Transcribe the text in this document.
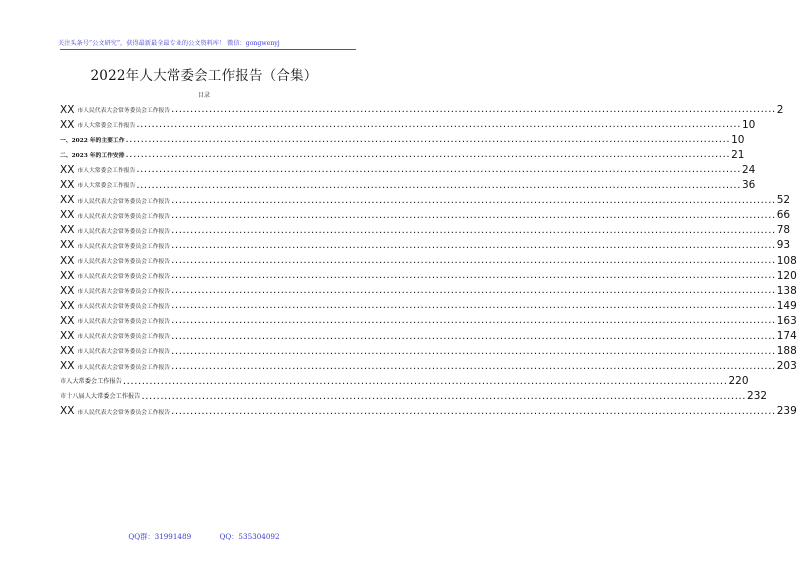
关注头条号“公文研究”，获得最新最全最专业的公文资料库！ 微信：gongwenyj
2022年人大常委会工作报告（合集）
目录
XX 市人民代表大会常务委员会工作报告 ................................................................................................................................................................ 2
XX 市人大常委会工作报告 ................................................................................................................................................................ 10
一、2022 年的主要工作 ................................................................................................................................................................ 10
二、2023 年的工作安排 ................................................................................................................................................................ 21
XX 市人大常委会工作报告 ................................................................................................................................................................ 24
XX 市人大常委会工作报告 ................................................................................................................................................................ 36
XX 市人民代表大会常务委员会工作报告 ................................................................................................................................................................ 52
XX 市人民代表大会常务委员会工作报告 ................................................................................................................................................................ 66
XX 市人民代表大会常务委员会工作报告 ................................................................................................................................................................ 78
XX 市人民代表大会常务委员会工作报告 ................................................................................................................................................................ 93
XX 市人民代表大会常务委员会工作报告 ................................................................................................................................................................ 108
XX 市人民代表大会常务委员会工作报告 ................................................................................................................................................................ 120
XX 市人民代表大会常务委员会工作报告 ................................................................................................................................................................ 138
XX 市人民代表大会常务委员会工作报告 ................................................................................................................................................................ 149
XX 市人民代表大会常务委员会工作报告 ................................................................................................................................................................ 163
XX 市人民代表大会常务委员会工作报告 ................................................................................................................................................................ 174
XX 市人民代表大会常务委员会工作报告 ................................................................................................................................................................ 188
XX 市人民代表大会常务委员会工作报告 ................................................................................................................................................................ 203
市人大常委会工作报告 ................................................................................................................................................................ 220
市十八届人大常委会工作报告 ................................................................................................................................................................ 232
XX 市人民代表大会常务委员会工作报告 ................................................................................................................................................................ 239
QQ群：31991489	QQ：535304092
